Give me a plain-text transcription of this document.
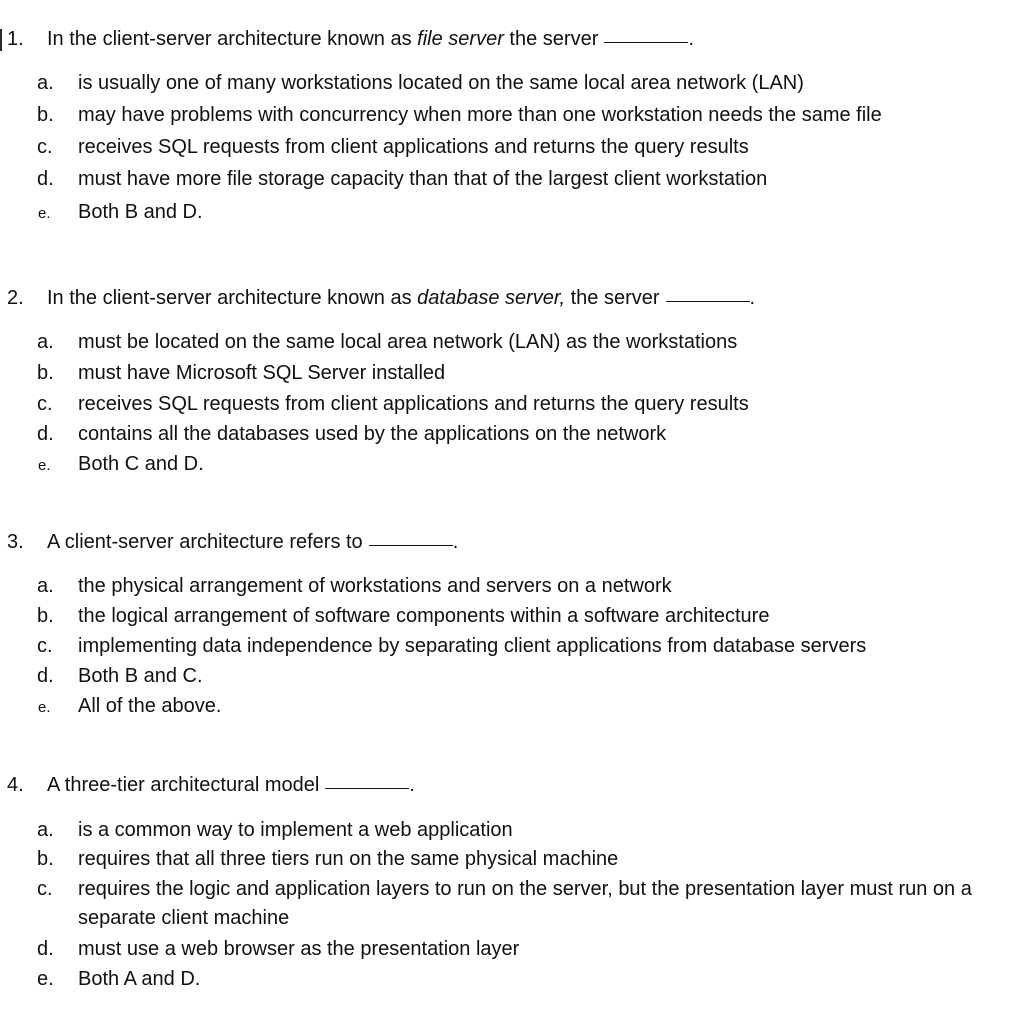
1. In the client-server architecture known as file server the server	.
a. is usually one of many workstations located on the same local area network (LAN)
b. may have problems with concurrency when more than one workstation needs the same file
c. receives SQL requests from client applications and returns the query results
d. must have more file storage capacity than that of the largest client workstation
e. Both B and D.
2. In the client-server architecture known as database server, the server	.
a. must be located on the same local area network (LAN) as the workstations
b. must have Microsoft SQL Server installed
c. receives SQL requests from client applications and returns the query results
d. contains all the databases used by the applications on the network
e. Both C and D.
3. A client-server architecture refers to	.
a. the physical arrangement of workstations and servers on a network
b. the logical arrangement of software components within a software architecture
c. implementing data independence by separating client applications from database servers
d. Both B and C.
e. All of the above.
4. A three-tier architectural model	.
a. is a common way to implement a web application
b. requires that all three tiers run on the same physical machine
c. requires the logic and application layers to run on the server, but the presentation layer must run on a separate client machine
d. must use a web browser as the presentation layer
e. Both A and D.
